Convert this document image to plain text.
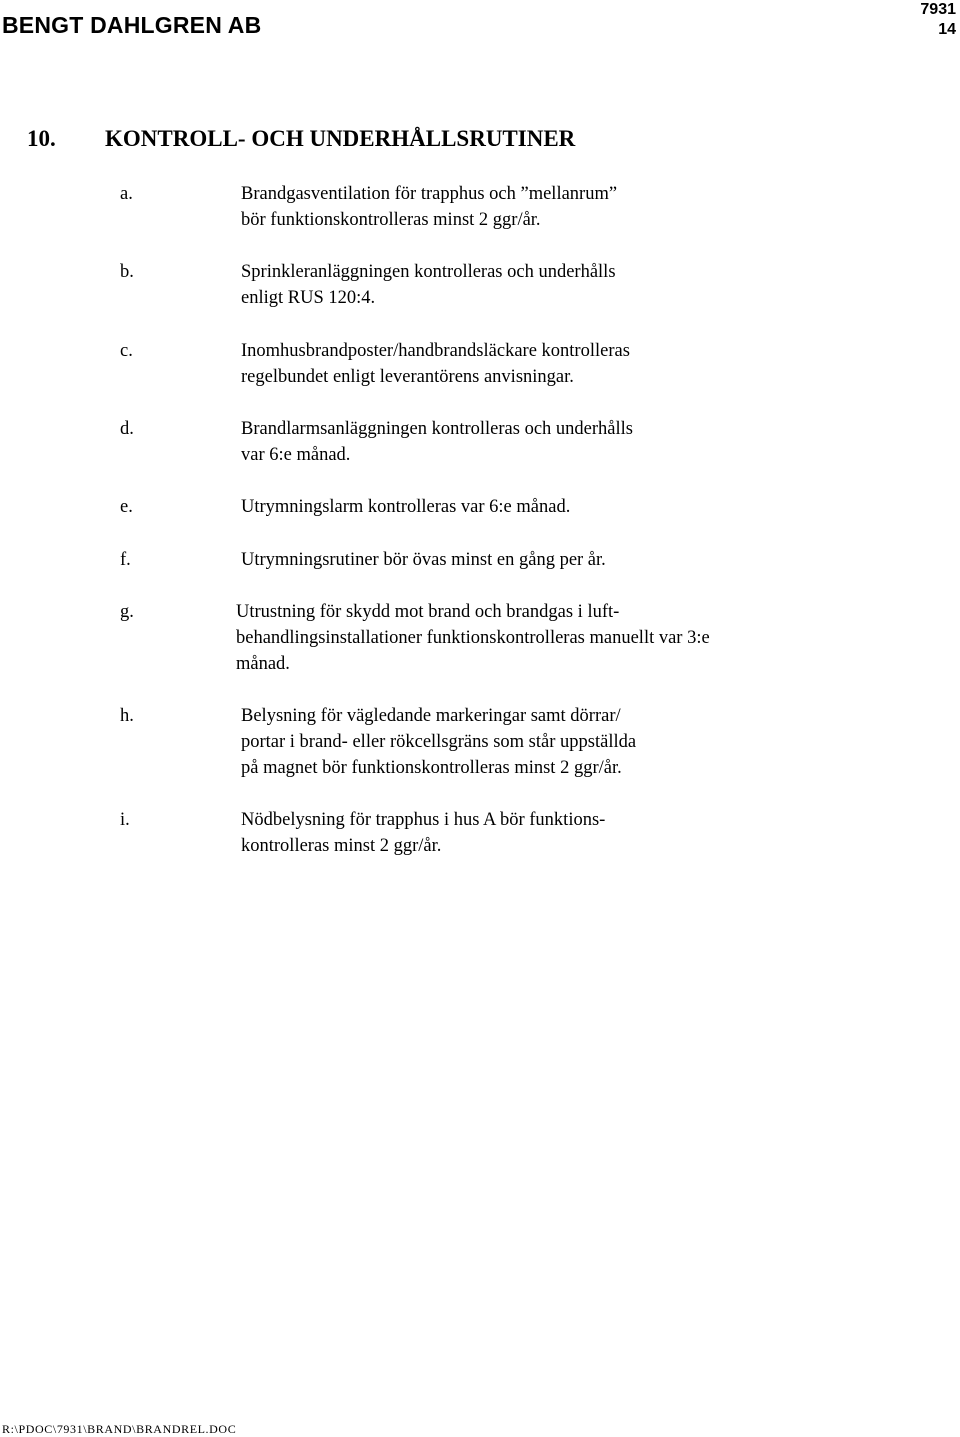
BENGT DAHLGREN AB
7931
14
10. KONTROLL- OCH UNDERHÅLLSRUTINER
a.	Brandgasventilation för trapphus och ”mellanrum”
bör funktionskontrolleras minst 2 ggr/år.
b.	Sprinkleranläggningen kontrolleras och underhålls
enligt RUS 120:4.
c.	Inomhusbrandposter/handbrandsläckare kontrolleras
regelbundet enligt leverantörens anvisningar.
d.	Brandlarmsanläggningen kontrolleras och underhålls
var 6:e månad.
e.	Utrymningslarm kontrolleras var 6:e månad.
f.	Utrymningsrutiner bör övas minst en gång per år.
g.	Utrustning för skydd mot brand och brandgas i luft-
behandlingsinstallationer funktionskontrolleras manuellt var 3:e
månad.
h.	Belysning för vägledande markeringar samt dörrar/
portar i brand- eller rökcellsgräns som står uppställda
på magnet bör funktionskontrolleras minst 2 ggr/år.
i.	Nödbelysning för trapphus i hus A bör funktions-
kontrolleras minst 2 ggr/år.
R:\PDOC\7931\BRAND\BRANDREL.DOC
